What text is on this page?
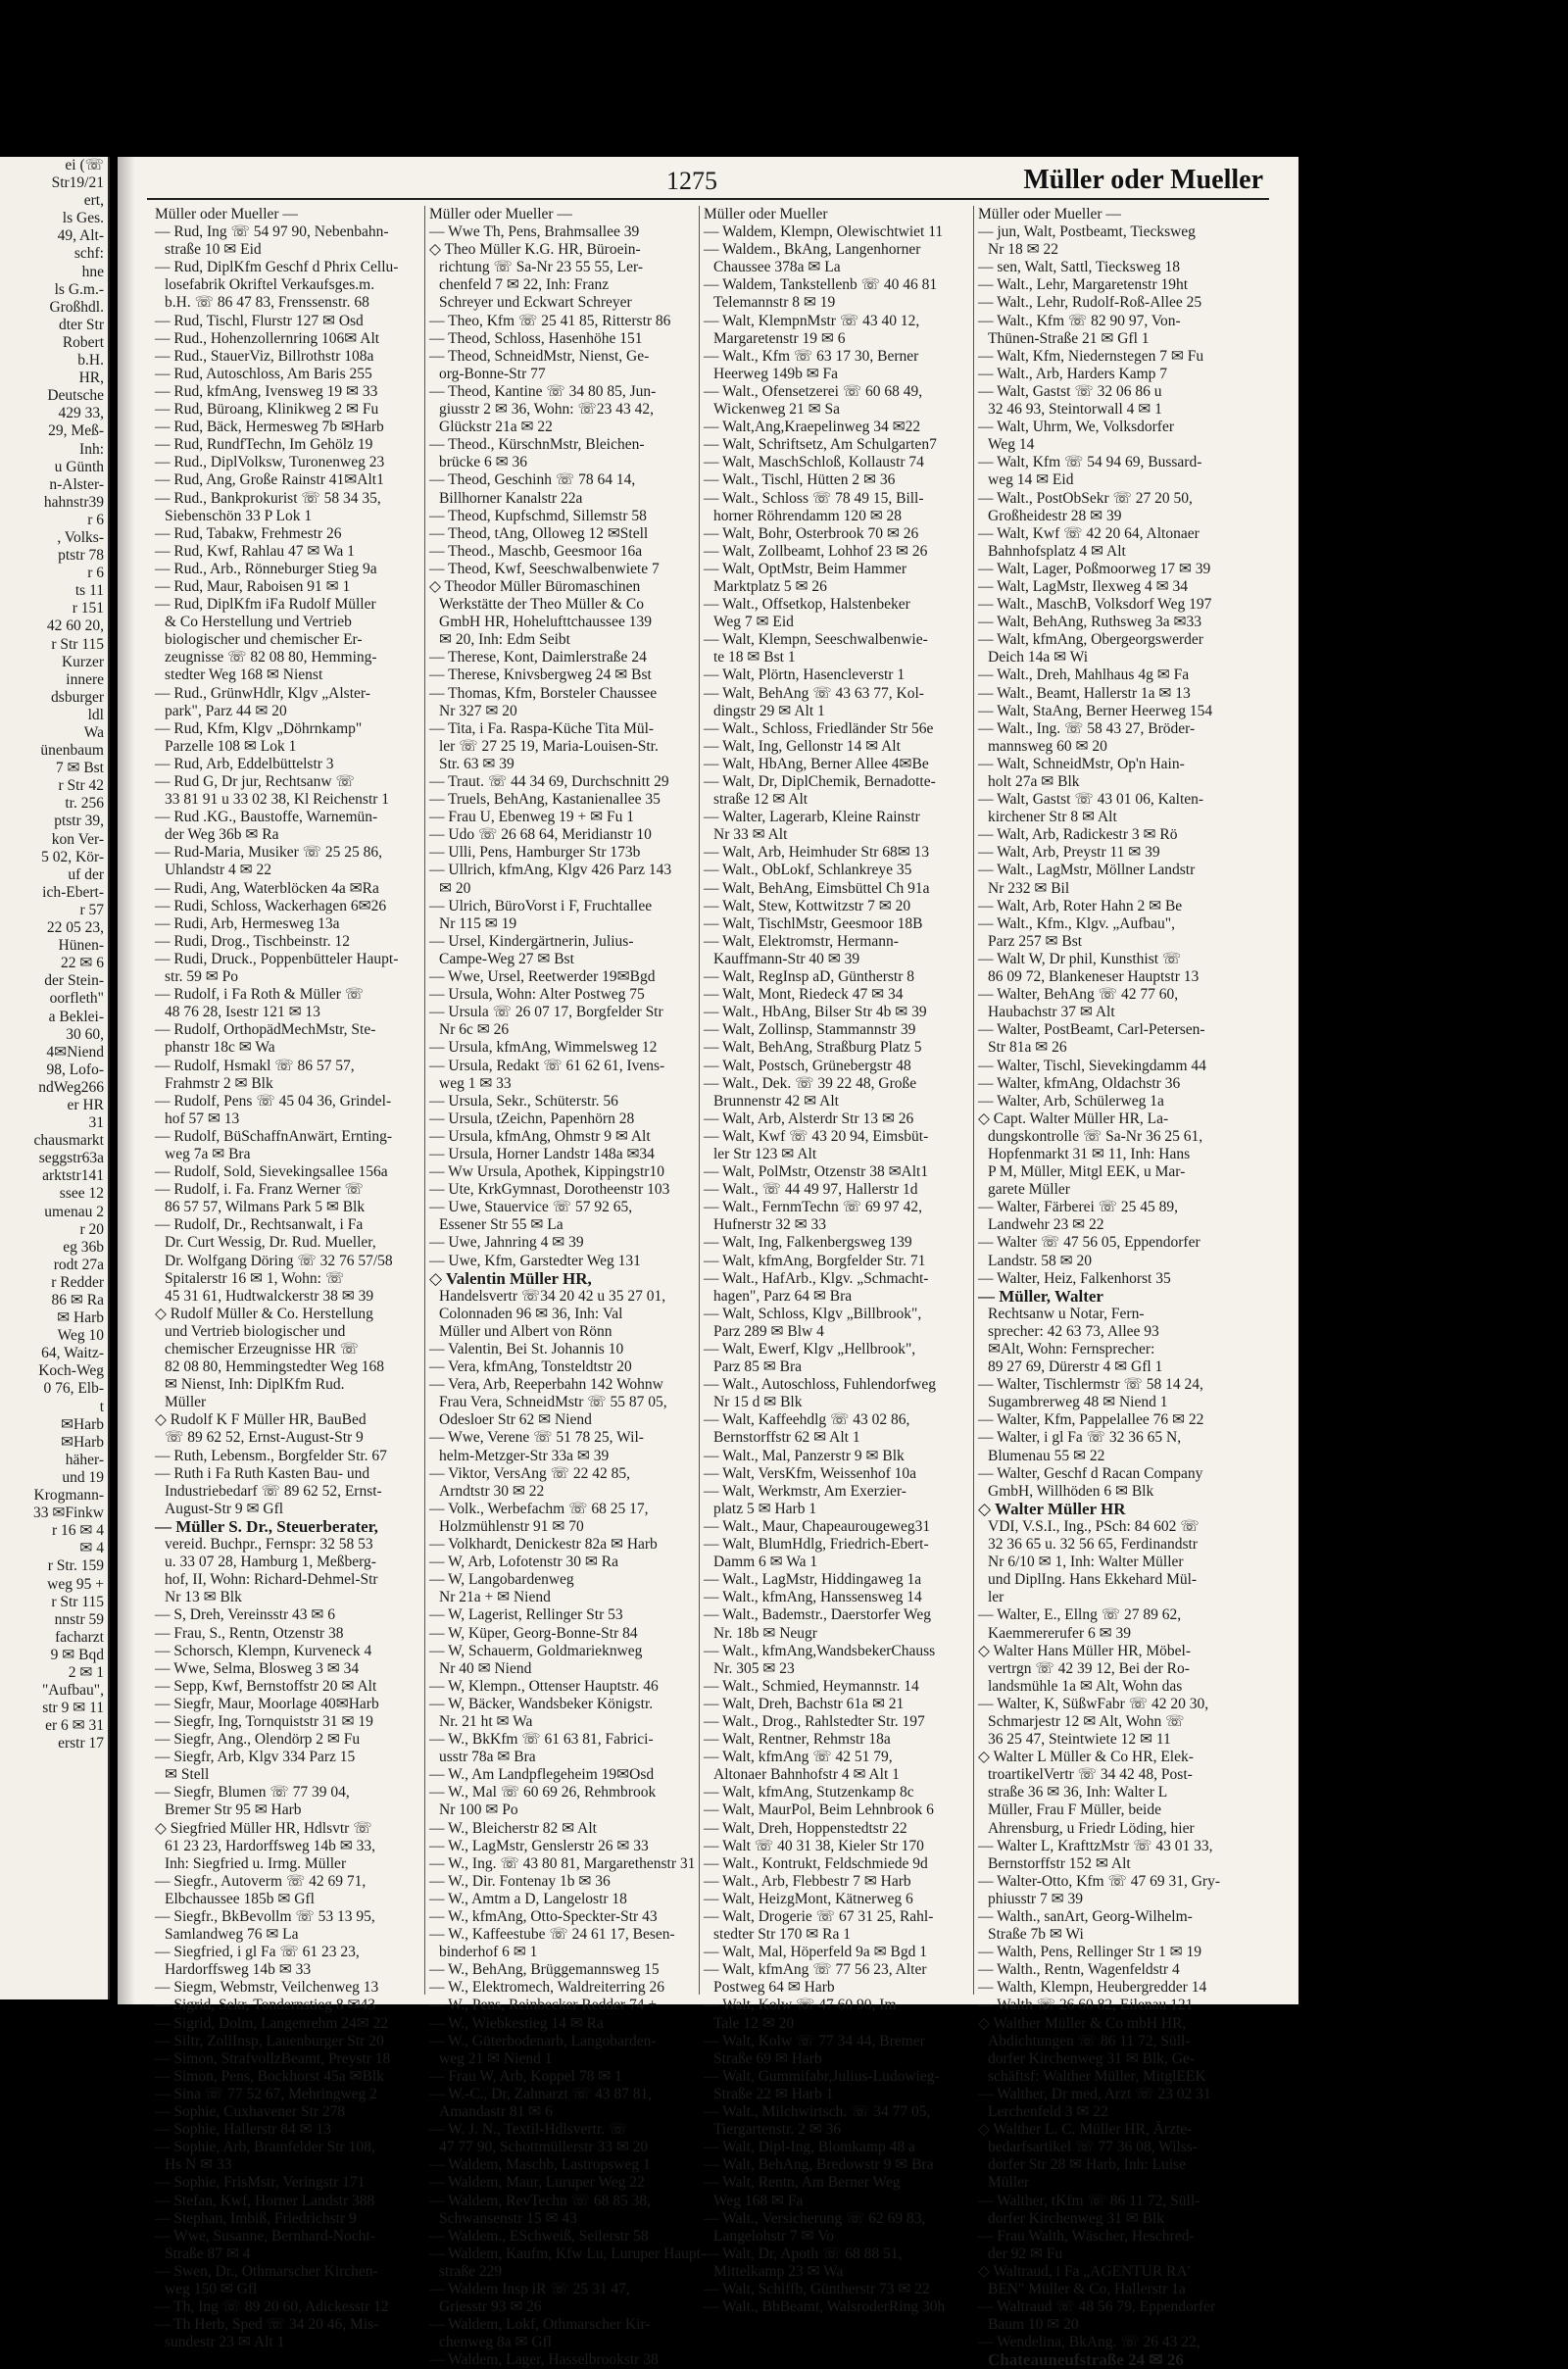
ei (☏
Str19/21
ert,
ls Ges.
49, Alt-
schf:
hne
ls G.m.-
Großhdl.
dter Str
Robert
b.H.
HR,
Deutsche
429 33,
29, Meß-
Inh:
u Günth
n-Alster-
hahnstr39
r 6
, Volks-
ptstr 78
r 6
ts 11
r 151
42 60 20,
r Str 115
Kurzer
innere
dsburger
ldl
Wa
ünenbaum
7 ✉ Bst
r Str 42
tr. 256
ptstr 39,
kon Ver-
5 02, Kör-
uf der
ich-Ebert-
r 57
22 05 23,
Hünen-
22 ✉ 6
der Stein-
oorfleth"
a Beklei-
30 60,
4✉Niend
98, Lofo-
ndWeg266
er HR
31
chausmarkt
seggstr63a
arktstr141
ssee 12
umenau 2
r 20
eg 36b
rodt 27a
r Redder
86 ✉ Ra
✉ Harb
Weg 10
64, Waitz-
Koch-Weg
0 76, Elb-
t
✉Harb
✉Harb
häher-
und 19
Krogmann-
33 ✉Finkw
r 16 ✉ 4
✉ 4
r Str. 159
weg 95 +
r Str 115
nnstr 59
facharzt
9 ✉ Bqd
2 ✉ 1
"Aufbau",
str 9 ✉ 11
er 6 ✉ 31
erstr 17
1275	Müller oder Mueller
Müller oder Mueller —
— Rud, Ing ☏ 54 97 90, Nebenbahn-
straße 10 ✉ Eid
— Rud, DiplKfm Geschf d Phrix Cellu-
losefabrik Okriftel Verkaufsges.m.
b.H. ☏ 86 47 83, Frenssenstr. 68
— Rud, Tischl, Flurstr 127 ✉ Osd
— Rud., Hohenzollernring 106✉ Alt
— Rud., StauerViz, Billrothstr 108a
— Rud, Autoschloss, Am Baris 255
— Rud, kfmAng, Ivensweg 19 ✉ 33
— Rud, Büroang, Klinikweg 2 ✉ Fu
— Rud, Bäck, Hermesweg 7b ✉Harb
— Rud, RundfTechn, Im Gehölz 19
— Rud., DiplVolksw, Turonenweg 23
— Rud, Ang, Große Rainstr 41✉Alt1
— Rud., Bankprokurist ☏ 58 34 35,
Siebenschön 33 P Lok 1
— Rud, Tabakw, Frehmestr 26
— Rud, Kwf, Rahlau 47 ✉ Wa 1
— Rud., Arb., Rönneburger Stieg 9a
— Rud, Maur, Raboisen 91 ✉ 1
— Rud, DiplKfm iFa Rudolf Müller
& Co Herstellung und Vertrieb
biologischer und chemischer Er-
zeugnisse ☏ 82 08 80, Hemming-
stedter Weg 168 ✉ Nienst
— Rud., GrünwHdlr, Klgv „Alster-
park", Parz 44 ✉ 20
— Rud, Kfm, Klgv „Döhrnkamp"
Parzelle 108 ✉ Lok 1
— Rud, Arb, Eddelbüttelstr 3
— Rud G, Dr jur, Rechtsanw ☏
33 81 91 u 33 02 38, Kl Reichenstr 1
— Rud .KG., Baustoffe, Warnemün-
der Weg 36b ✉ Ra
— Rud-Maria, Musiker ☏ 25 25 86,
Uhlandstr 4 ✉ 22
— Rudi, Ang, Waterblöcken 4a ✉Ra
— Rudi, Schloss, Wackerhagen 6✉26
— Rudi, Arb, Hermesweg 13a
— Rudi, Drog., Tischbeinstr. 12
— Rudi, Druck., Poppenbütteler Haupt-
str. 59 ✉ Po
— Rudolf, i Fa Roth & Müller ☏
48 76 28, Isestr 121 ✉ 13
— Rudolf, OrthopädMechMstr, Ste-
phanstr 18c ✉ Wa
— Rudolf, Hsmakl ☏ 86 57 57,
Frahmstr 2 ✉ Blk
— Rudolf, Pens ☏ 45 04 36, Grindel-
hof 57 ✉ 13
— Rudolf, BüSchaffnAnwärt, Ernting-
weg 7a ✉ Bra
— Rudolf, Sold, Sievekingsallee 156a
— Rudolf, i. Fa. Franz Werner ☏
86 57 57, Wilmans Park 5 ✉ Blk
— Rudolf, Dr., Rechtsanwalt, i Fa
Dr. Curt Wessig, Dr. Rud. Mueller,
Dr. Wolfgang Döring ☏ 32 76 57/58
Spitalerstr 16 ✉ 1, Wohn: ☏
45 31 61, Hudtwalckerstr 38 ✉ 39
◇ Rudolf Müller & Co. Herstellung
und Vertrieb biologischer und
chemischer Erzeugnisse HR ☏
82 08 80, Hemmingstedter Weg 168
✉ Nienst, Inh: DiplKfm Rud.
Müller
◇ Rudolf K F Müller HR, BauBed
☏ 89 62 52, Ernst-August-Str 9
— Ruth, Lebensm., Borgfelder Str. 67
— Ruth i Fa Ruth Kasten Bau- und
Industriebedarf ☏ 89 62 52, Ernst-
August-Str 9 ✉ Gfl
— Müller S. Dr., Steuerberater,
vereid. Buchpr., Fernspr: 32 58 53
u. 33 07 28, Hamburg 1, Meßberg-
hof, II, Wohn: Richard-Dehmel-Str
Nr 13 ✉ Blk
— S, Dreh, Vereinsstr 43 ✉ 6
— Frau, S., Rentn, Otzenstr 38
— Schorsch, Klempn, Kurveneck 4
— Wwe, Selma, Blosweg 3 ✉ 34
— Sepp, Kwf, Bernstoffstr 20 ✉ Alt
— Siegfr, Maur, Moorlage 40✉Harb
— Siegfr, Ing, Tornquiststr 31 ✉ 19
— Siegfr, Ang., Olendörp 2 ✉ Fu
— Siegfr, Arb, Klgv 334 Parz 15
✉ Stell
— Siegfr, Blumen ☏ 77 39 04,
Bremer Str 95 ✉ Harb
◇ Siegfried Müller HR, Hdlsvtr ☏
61 23 23, Hardorffsweg 14b ✉ 33,
Inh: Siegfried u. Irmg. Müller
— Siegfr., Autoverm ☏ 42 69 71,
Elbchaussee 185b ✉ Gfl
— Siegfr., BkBevollm ☏ 53 13 95,
Samlandweg 76 ✉ La
— Siegfried, i gl Fa ☏ 61 23 23,
Hardorffsweg 14b ✉ 33
— Siegm, Webmstr, Veilchenweg 13
— Sigrid, Sekr, Tondernstieg 8 ✉43
— Sigrid, Dolm, Langenrehm 24✉ 22
— Siltr, ZollInsp, Lauenburger Str 20
— Simon, StrafvollzBeamt, Preystr 18
— Simon, Pens, Bockhorst 45a ✉Blk
— Sina ☏ 77 52 67, Mehringweg 2
— Sophie, Cuxhavener Str 278
— Sophie, Hallerstr 84 ✉ 13
— Sophie, Arb, Bramfelder Str 108,
Hs N ✉ 33
— Sophie, FrisMstr, Veringstr 171
— Stefan, Kwf, Horner Landstr 388
— Stephan, Imbiß, Friedrichstr 9
— Wwe, Susanne, Bernhard-Nocht-
Straße 87 ✉ 4
— Swen, Dr., Othmarscher Kirchen-
weg 150 ✉ Gfl
— Th, Ing ☏ 89 20 60, Adickesstr 12
— Th Herb, Sped ☏ 34 20 46, Mis-
sundestr 23 ✉ Alt 1
Müller oder Mueller —
— Wwe Th, Pens, Brahmsallee 39
◇ Theo Müller K.G. HR, Büroein-
richtung ☏ Sa-Nr 23 55 55, Ler-
chenfeld 7 ✉ 22, Inh: Franz
Schreyer und Eckwart Schreyer
— Theo, Kfm ☏ 25 41 85, Ritterstr 86
— Theod, Schloss, Hasenhöhe 151
— Theod, SchneidMstr, Nienst, Ge-
org-Bonne-Str 77
— Theod, Kantine ☏ 34 80 85, Jun-
giusstr 2 ✉ 36, Wohn: ☏23 43 42,
Glückstr 21a ✉ 22
— Theod., KürschnMstr, Bleichen-
brücke 6 ✉ 36
— Theod, Geschinh ☏ 78 64 14,
Billhorner Kanalstr 22a
— Theod, Kupfschmd, Sillemstr 58
— Theod, tAng, Olloweg 12 ✉Stell
— Theod., Maschb, Geesmoor 16a
— Theod, Kwf, Seeschwalbenwiete 7
◇ Theodor Müller Büromaschinen
Werkstätte der Theo Müller & Co
GmbH HR, Hohelufttchaussee 139
✉ 20, Inh: Edm Seibt
— Therese, Kont, Daimlerstraße 24
— Therese, Knivsbergweg 24 ✉ Bst
— Thomas, Kfm, Borsteler Chaussee
Nr 327 ✉ 20
— Tita, i Fa. Raspa-Küche Tita Mül-
ler ☏ 27 25 19, Maria-Louisen-Str.
Str. 63 ✉ 39
— Traut. ☏ 44 34 69, Durchschnitt 29
— Truels, BehAng, Kastanienallee 35
— Frau U, Ebenweg 19 + ✉ Fu 1
— Udo ☏ 26 68 64, Meridianstr 10
— Ulli, Pens, Hamburger Str 173b
— Ullrich, kfmAng, Klgv 426 Parz 143
✉ 20
— Ulrich, BüroVorst i F, Fruchtallee
Nr 115 ✉ 19
— Ursel, Kindergärtnerin, Julius-
Campe-Weg 27 ✉ Bst
— Wwe, Ursel, Reetwerder 19✉Bgd
— Ursula, Wohn: Alter Postweg 75
— Ursula ☏ 26 07 17, Borgfelder Str
Nr 6c ✉ 26
— Ursula, kfmAng, Wimmelsweg 12
— Ursula, Redakt ☏ 61 62 61, Ivens-
weg 1 ✉ 33
— Ursula, Sekr., Schüterstr. 56
— Ursula, tZeichn, Papenhörn 28
— Ursula, kfmAng, Ohmstr 9 ✉ Alt
— Ursula, Horner Landstr 148a ✉34
— Ww Ursula, Apothek, Kippingstr10
— Ute, KrkGymnast, Dorotheenstr 103
— Uwe, Stauervice ☏ 57 92 65,
Essener Str 55 ✉ La
— Uwe, Jahnring 4 ✉ 39
— Uwe, Kfm, Garstedter Weg 131
◇ Valentin Müller HR,
Handelsvertr ☏34 20 42 u 35 27 01,
Colonnaden 96 ✉ 36, Inh: Val
Müller und Albert von Rönn
— Valentin, Bei St. Johannis 10
— Vera, kfmAng, Tonsteldtstr 20
— Vera, Arb, Reeperbahn 142 Wohnw
Frau Vera, SchneidMstr ☏ 55 87 05,
Odesloer Str 62 ✉ Niend
— Wwe, Verene ☏ 51 78 25, Wil-
helm-Metzger-Str 33a ✉ 39
— Viktor, VersAng ☏ 22 42 85,
Arndtstr 30 ✉ 22
— Volk., Werbefachm ☏ 68 25 17,
Holzmühlenstr 91 ✉ 70
— Volkhardt, Denickestr 82a ✉ Harb
— W, Arb, Lofotenstr 30 ✉ Ra
— W, Langobardenweg
Nr 21a + ✉ Niend
— W, Lagerist, Rellinger Str 53
— W, Küper, Georg-Bonne-Str 84
— W, Schauerm, Goldmarieknweg
Nr 40 ✉ Niend
— W, Klempn., Ottenser Hauptstr. 46
— W, Bäcker, Wandsbeker Königstr.
Nr. 21 ht ✉ Wa
— W., BkKfm ☏ 61 63 81, Fabrici-
usstr 78a ✉ Bra
— W., Am Landpflegeheim 19✉Osd
— W., Mal ☏ 60 69 26, Rehmbrook
Nr 100 ✉ Po
— W., Bleicherstr 82 ✉ Alt
— W., LagMstr, Genslerstr 26 ✉ 33
— W., Ing. ☏ 43 80 81, Margarethenstr 31
— W., Dir. Fontenay 1b ✉ 36
— W., Amtm a D, Langelostr 18
— W., kfmAng, Otto-Speckter-Str 43
— W., Kaffeestube ☏ 24 61 17, Besen-
binderhof 6 ✉ 1
— W., BehAng, Brüggemannsweg 15
— W., Elektromech, Waldreiterring 26
— W., Pens, Reinbecker Redder 74 +
— W., Wiebkestieg 14 ✉ Ra
— W., Güterbodenarb, Langobarden-
weg 21 ✉ Niend 1
— Frau W, Arb, Koppel 78 ✉ 1
— W.-C., Dr, Zahnarzt ☏ 43 87 81,
Amandastr 81 ✉ 6
— W. J. N., Textil-Hdlsvertr. ☏
47 77 90, Schottmüllerstr 33 ✉ 20
— Waldem, Maschb, Lastropsweg 1
— Waldem, Maur, Luruper Weg 22
— Waldem, RevTechn ☏ 68 85 38,
Schwansenstr 15 ✉ 43
— Waldem., ESchweiß, Seilerstr 58
— Waldem, Kaufm, Kfw Lu, Luruper Haupt-
straße 229
— Waldem Insp iR ☏ 25 31 47,
Griesstr 93 ✉ 26
— Waldem, Lokf, Othmarscher Kir-
chenweg 8a ✉ Gfl
— Waldem, Lager, Hasselbrookstr 38
Müller oder Mueller
— Waldem, Klempn, Olewischtwiet 11
— Waldem., BkAng, Langenhorner
Chaussee 378a ✉ La
— Waldem, Tankstellenb ☏ 40 46 81
Telemannstr 8 ✉ 19
— Walt, KlempnMstr ☏ 43 40 12,
Margaretenstr 19 ✉ 6
— Walt., Kfm ☏ 63 17 30, Berner
Heerweg 149b ✉ Fa
— Walt., Ofensetzerei ☏ 60 68 49,
Wickenweg 21 ✉ Sa
— Walt,Ang,Kraepelinweg 34 ✉22
— Walt, Schriftsetz, Am Schulgarten7
— Walt, MaschSchloß, Kollaustr 74
— Walt., Tischl, Hütten 2 ✉ 36
— Walt., Schloss ☏ 78 49 15, Bill-
horner Röhrendamm 120 ✉ 28
— Walt, Bohr, Osterbrook 70 ✉ 26
— Walt, Zollbeamt, Lohhof 23 ✉ 26
— Walt, OptMstr, Beim Hammer
Marktplatz 5 ✉ 26
— Walt., Offsetkop, Halstenbeker
Weg 7 ✉ Eid
— Walt, Klempn, Seeschwalbenwie-
te 18 ✉ Bst 1
— Walt, Plörtn, Hasencleverstr 1
— Walt, BehAng ☏ 43 63 77, Kol-
dingstr 29 ✉ Alt 1
— Walt., Schloss, Friedländer Str 56e
— Walt, Ing, Gellonstr 14 ✉ Alt
— Walt, HbAng, Berner Allee 4✉Be
— Walt, Dr, DiplChemik, Bernadotte-
straße 12 ✉ Alt
— Walter, Lagerarb, Kleine Rainstr
Nr 33 ✉ Alt
— Walt, Arb, Heimhuder Str 68✉ 13
— Walt., ObLokf, Schlankreye 35
— Walt, BehAng, Eimsbüttel Ch 91a
— Walt, Stew, Kottwitzstr 7 ✉ 20
— Walt, TischlMstr, Geesmoor 18B
— Walt, Elektromstr, Hermann-
Kauffmann-Str 40 ✉ 39
— Walt, RegInsp aD, Güntherstr 8
— Walt, Mont, Riedeck 47 ✉ 34
— Walt., HbAng, Bilser Str 4b ✉ 39
— Walt, Zollinsp, Stammannstr 39
— Walt, BehAng, Straßburg Platz 5
— Walt, Postsch, Grünebergstr 48
— Walt., Dek. ☏ 39 22 48, Große
Brunnenstr 42 ✉ Alt
— Walt, Arb, Alsterdr Str 13 ✉ 26
— Walt, Kwf ☏ 43 20 94, Eimsbüt-
ler Str 123 ✉ Alt
— Walt, PolMstr, Otzenstr 38 ✉Alt1
— Walt., ☏ 44 49 97, Hallerstr 1d
— Walt., FernmTechn ☏ 69 97 42,
Hufnerstr 32 ✉ 33
— Walt, Ing, Falkenbergsweg 139
— Walt, kfmAng, Borgfelder Str. 71
— Walt., HafArb., Klgv. „Schmacht-
hagen", Parz 64 ✉ Bra
— Walt, Schloss, Klgv „Billbrook",
Parz 289 ✉ Blw 4
— Walt, Ewerf, Klgv „Hellbrook",
Parz 85 ✉ Bra
— Walt., Autoschloss, Fuhlendorfweg
Nr 15 d ✉ Blk
— Walt, Kaffeehdlg ☏ 43 02 86,
Bernstorffstr 62 ✉ Alt 1
— Walt., Mal, Panzerstr 9 ✉ Blk
— Walt, VersKfm, Weissenhof 10a
— Walt, Werkmstr, Am Exerzier-
platz 5 ✉ Harb 1
— Walt., Maur, Chapeaurougeweg31
— Walt, BlumHdlg, Friedrich-Ebert-
Damm 6 ✉ Wa 1
— Walt., LagMstr, Hiddingaweg 1a
— Walt., kfmAng, Hanssensweg 14
— Walt., Bademstr., Daerstorfer Weg
Nr. 18b ✉ Neugr
— Walt., kfmAng,WandsbekerChauss
Nr. 305 ✉ 23
— Walt., Schmied, Heymannstr. 14
— Walt, Dreh, Bachstr 61a ✉ 21
— Walt., Drog., Rahlstedter Str. 197
— Walt, Rentner, Rehmstr 18a
— Walt, kfmAng ☏ 42 51 79,
Altonaer Bahnhofstr 4 ✉ Alt 1
— Walt, kfmAng, Stutzenkamp 8c
— Walt, MaurPol, Beim Lehnbrook 6
— Walt, Dreh, Hoppenstedtstr 22
— Walt ☏ 40 31 38, Kieler Str 170
— Walt., Kontrukt, Feldschmiede 9d
— Walt., Arb, Flebbestr 7 ✉ Harb
— Walt, HeizgMont, Kätnerweg 6
— Walt, Drogerie ☏ 67 31 25, Rahl-
stedter Str 170 ✉ Ra 1
— Walt, Mal, Höperfeld 9a ✉ Bgd 1
— Walt, kfmAng ☏ 77 56 23, Alter
Postweg 64 ✉ Harb
— Walt, Kolw ☏ 47 60 90, Im
Tale 12 ✉ 20
— Walt, Kolw ☏ 77 34 44, Bremer
Straße 69 ✉ Harb
— Walt, Gummifabr,Julius-Ludowieg-
Straße 22 ✉ Harb 1
— Walt., Milchwirtsch. ☏ 34 77 05,
Tiergartenstr. 2 ✉ 36
— Walt, Dipl-Ing, Blomkamp 48 a
— Walt, BehAng, Bredowstr 9 ✉ Bra
— Walt, Rentn, Am Berner Weg
Weg 168 ✉ Fa
— Walt., Versicherung ☏ 62 69 83,
Langelohstr 7 ✉ Vo
— Walt, Dr, Apoth ☏ 68 88 51,
Mittelkamp 23 ✉ Wa
— Walt, Schiffb, Güntherstr 73 ✉ 22
— Walt., BbBeamt, WalsroderRing 30h
Müller oder Mueller —
— jun, Walt, Postbeamt, Tiecksweg
Nr 18 ✉ 22
— sen, Walt, Sattl, Tiecksweg 18
— Walt., Lehr, Margaretenstr 19ht
— Walt., Lehr, Rudolf-Roß-Allee 25
— Walt., Kfm ☏ 82 90 97, Von-
Thünen-Straße 21 ✉ Gfl 1
— Walt, Kfm, Niedernstegen 7 ✉ Fu
— Walt., Arb, Harders Kamp 7
— Walt, Gastst ☏ 32 06 86 u
32 46 93, Steintorwall 4 ✉ 1
— Walt, Uhrm, We, Volksdorfer
Weg 14
— Walt, Kfm ☏ 54 94 69, Bussard-
weg 14 ✉ Eid
— Walt., PostObSekr ☏ 27 20 50,
Großheidestr 28 ✉ 39
— Walt, Kwf ☏ 42 20 64, Altonaer
Bahnhofsplatz 4 ✉ Alt
— Walt, Lager, Poßmoorweg 17 ✉ 39
— Walt, LagMstr, Ilexweg 4 ✉ 34
— Walt., MaschB, Volksdorf Weg 197
— Walt, BehAng, Ruthsweg 3a ✉33
— Walt, kfmAng, Obergeorgswerder
Deich 14a ✉ Wi
— Walt., Dreh, Mahlhaus 4g ✉ Fa
— Walt., Beamt, Hallerstr 1a ✉ 13
— Walt, StaAng, Berner Heerweg 154
— Walt., Ing. ☏ 58 43 27, Bröder-
mannsweg 60 ✉ 20
— Walt, SchneidMstr, Op'n Hain-
holt 27a ✉ Blk
— Walt, Gastst ☏ 43 01 06, Kalten-
kirchener Str 8 ✉ Alt
— Walt, Arb, Radickestr 3 ✉ Rö
— Walt, Arb, Preystr 11 ✉ 39
— Walt., LagMstr, Möllner Landstr
Nr 232 ✉ Bil
— Walt, Arb, Roter Hahn 2 ✉ Be
— Walt., Kfm., Klgv. „Aufbau",
Parz 257 ✉ Bst
— Walt W, Dr phil, Kunsthist ☏
86 09 72, Blankeneser Hauptstr 13
— Walter, BehAng ☏ 42 77 60,
Haubachstr 37 ✉ Alt
— Walter, PostBeamt, Carl-Petersen-
Str 81a ✉ 26
— Walter, Tischl, Sievekingdamm 44
— Walter, kfmAng, Oldachstr 36
— Walter, Arb, Schülerweg 1a
◇ Capt. Walter Müller HR, La-
dungskontrolle ☏ Sa-Nr 36 25 61,
Hopfenmarkt 31 ✉ 11, Inh: Hans
P M, Müller, Mitgl EEK, u Mar-
garete Müller
— Walter, Färberei ☏ 25 45 89,
Landwehr 23 ✉ 22
— Walter ☏ 47 56 05, Eppendorfer
Landstr. 58 ✉ 20
— Walter, Heiz, Falkenhorst 35
— Müller, Walter
Rechtsanw u Notar, Fern-
sprecher: 42 63 73, Allee 93
✉Alt, Wohn: Fernsprecher:
89 27 69, Dürerstr 4 ✉ Gfl 1
— Walter, Tischlermstr ☏ 58 14 24,
Sugambrerweg 48 ✉ Niend 1
— Walter, Kfm, Pappelallee 76 ✉ 22
— Walter, i gl Fa ☏ 32 36 65 N,
Blumenau 55 ✉ 22
— Walter, Geschf d Racan Company
GmbH, Willhöden 6 ✉ Blk
◇ Walter Müller HR
VDI, V.S.I., Ing., PSch: 84 602 ☏
32 36 65 u. 32 56 65, Ferdinandstr
Nr 6/10 ✉ 1, Inh: Walter Müller
und DiplIng. Hans Ekkehard Mül-
ler
— Walter, E., Ellng ☏ 27 89 62,
Kaemmererufer 6 ✉ 39
◇ Walter Hans Müller HR, Möbel-
vertrgn ☏ 42 39 12, Bei der Ro-
landsmühle 1a ✉ Alt, Wohn das
— Walter, K, SüßwFabr ☏ 42 20 30,
Schmarjestr 12 ✉ Alt, Wohn ☏
36 25 47, Steintwiete 12 ✉ 11
◇ Walter L Müller & Co HR, Elek-
troartikelVertr ☏ 34 42 48, Post-
straße 36 ✉ 36, Inh: Walter L
Müller, Frau F Müller, beide
Ahrensburg, u Friedr Löding, hier
— Walter L, KrafttzMstr ☏ 43 01 33,
Bernstorffstr 152 ✉ Alt
— Walter-Otto, Kfm ☏ 47 69 31, Gry-
phiusstr 7 ✉ 39
— Walth., sanArt, Georg-Wilhelm-
Straße 7b ✉ Wi
— Walth, Pens, Rellinger Str 1 ✉ 19
— Walth., Rentn, Wagenfeldstr 4
— Walth, Klempn, Heubergredder 14
— Walth ☏ 26 60 82, Eilenau 121
◇ Walther Müller & Co mbH HR,
Abdichtungen ☏ 86 11 72, Süll-
dorfer Kirchenweg 31 ✉ Blk, Ge-
schäftsf: Walther Müller, MitglEEK
— Walther, Dr med, Arzt ☏ 23 02 31
Lerchenfeld 3 ✉ 22
◇ Walther L. C. Müller HR, Ärzte-
bedarfsartikel ☏ 77 36 08, Wilss-
dorfer Str 28 ✉ Harb, Inh: Luise
Müller
— Walther, tKfm ☏ 86 11 72, Süll-
dorfer Kirchenweg 31 ✉ Blk
— Frau Walth, Wäscher, Heschred-
der 92 ✉ Fu
◇ Waltraud, i Fa „AGENTUR RA'
BEN" Müller & Co, Hallerstr 1a
— Waltraud ☏ 48 56 79, Eppendorfer
Baum 10 ✉ 20
— Wendelina, BkAng. ☏ 26 43 22,
Chateauneufstraße 24 ✉ 26
